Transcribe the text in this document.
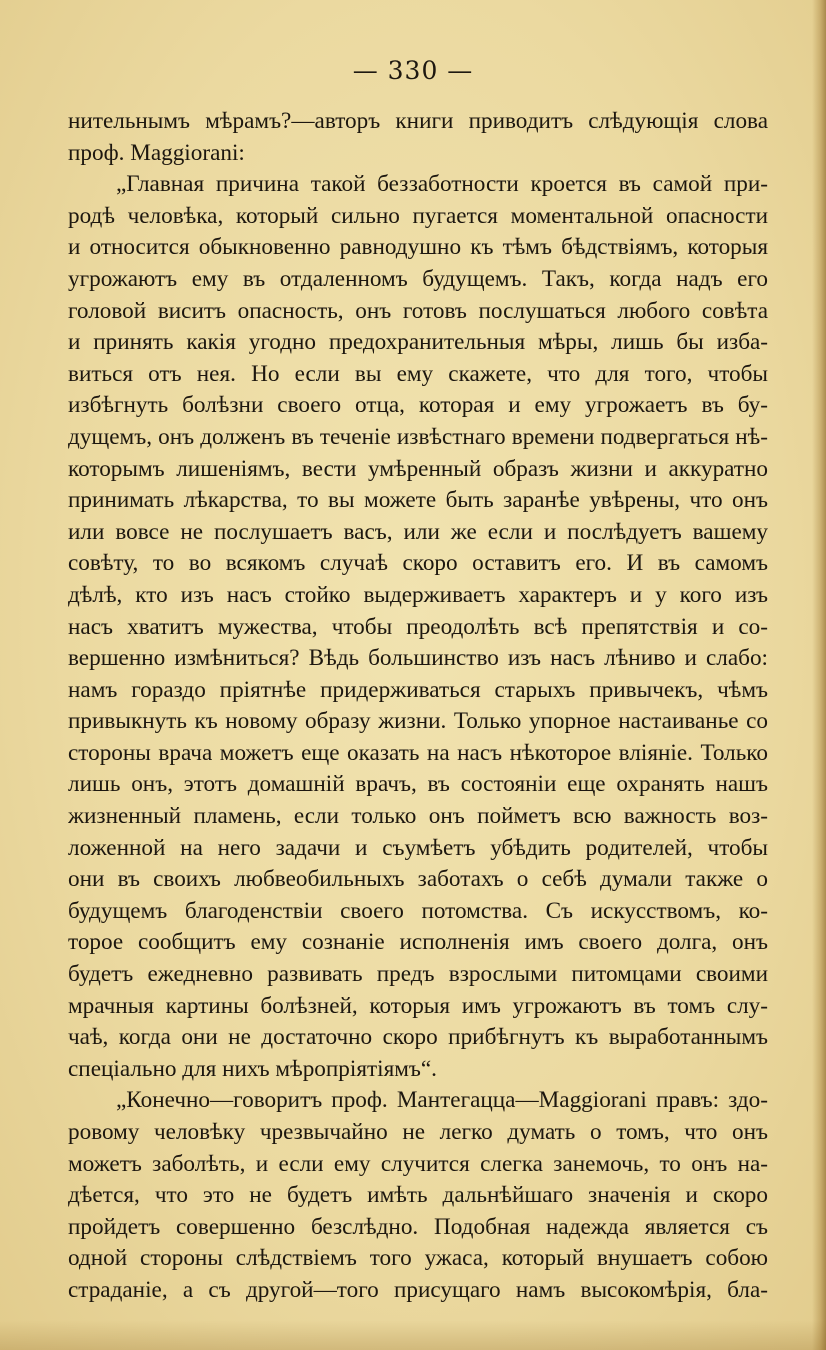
— 330 —
нительнымъ мѣрамъ?—авторъ книги приводитъ слѣдующія слова
проф. Maggiorani:
„Главная причина такой беззаботности кроется въ самой при-
родѣ человѣка, который сильно пугается моментальной опасности
и относится обыкновенно равнодушно къ тѣмъ бѣдствіямъ, которыя
угрожаютъ ему въ отдаленномъ будущемъ. Такъ, когда надъ его
головой виситъ опасность, онъ готовъ послушаться любого совѣта
и принять какія угодно предохранительныя мѣры, лишь бы изба-
виться отъ нея. Но если вы ему скажете, что для того, чтобы
избѣгнуть болѣзни своего отца, которая и ему угрожаетъ въ бу-
дущемъ, онъ долженъ въ теченіе извѣстнаго времени подвергаться нѣ-
которымъ лишеніямъ, вести умѣренный образъ жизни и аккуратно
принимать лѣкарства, то вы можете быть заранѣе увѣрены, что онъ
или вовсе не послушаетъ васъ, или же если и послѣдуетъ вашему
совѣту, то во всякомъ случаѣ скоро оставитъ его. И въ самомъ
дѣлѣ, кто изъ насъ стойко выдерживаетъ характеръ и у кого изъ
насъ хватитъ мужества, чтобы преодолѣть всѣ препятствія и со-
вершенно измѣниться? Вѣдь большинство изъ насъ лѣниво и слабо:
намъ гораздо пріятнѣе придерживаться старыхъ привычекъ, чѣмъ
привыкнуть къ новому образу жизни. Только упорное настаиванье со
стороны врача можетъ еще оказать на насъ нѣкоторое вліяніе. Только
лишь онъ, этотъ домашній врачъ, въ состояніи еще охранять нашъ
жизненный пламень, если только онъ пойметъ всю важность воз-
ложенной на него задачи и съумѣетъ убѣдить родителей, чтобы
они въ своихъ любвеобильныхъ заботахъ о себѣ думали также о
будущемъ благоденствіи своего потомства. Съ искусствомъ, ко-
торое сообщитъ ему сознаніе исполненія имъ своего долга, онъ
будетъ ежедневно развивать предъ взрослыми питомцами своими
мрачныя картины болѣзней, которыя имъ угрожаютъ въ томъ слу-
чаѣ, когда они не достаточно скоро прибѣгнутъ къ выработаннымъ
спеціально для нихъ мѣропріятіямъ“.
„Конечно—говоритъ проф. Мантегацца—Maggiorani правъ: здо-
ровому человѣку чрезвычайно не легко думать о томъ, что онъ
можетъ заболѣть, и если ему случится слегка занемочь, то онъ на-
дѣется, что это не будетъ имѣть дальнѣйшаго значенія и скоро
пройдетъ совершенно безслѣдно. Подобная надежда является съ
одной стороны слѣдствіемъ того ужаса, который внушаетъ собою
страданіе, а съ другой—того присущаго намъ высокомѣрія, бла-
